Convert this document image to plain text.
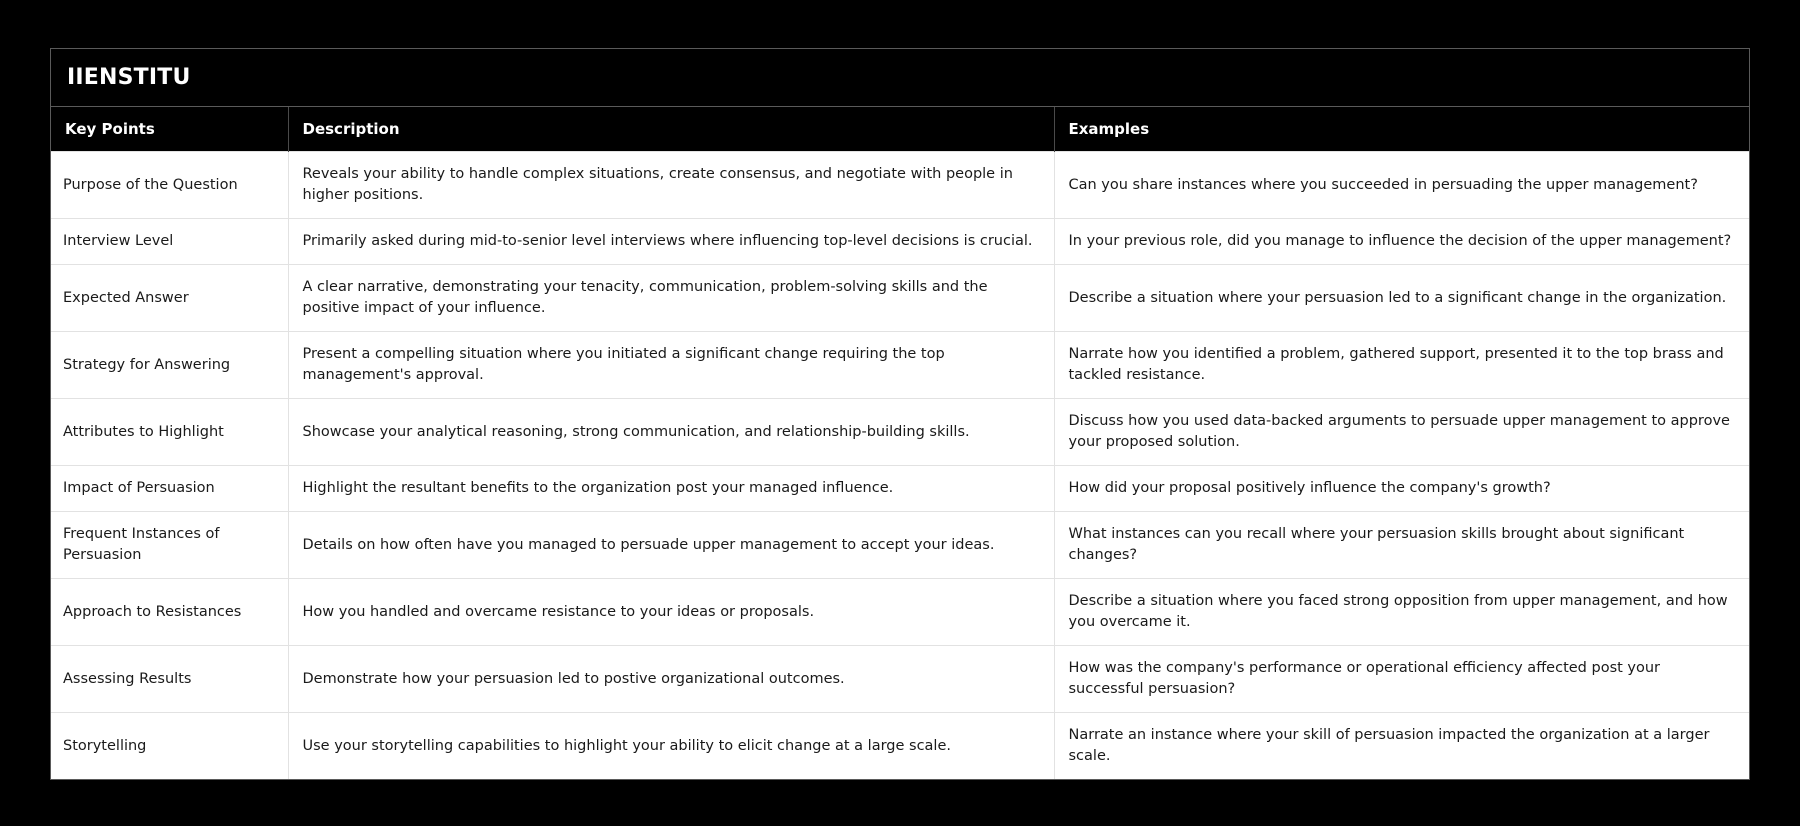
IIENSTITU		
Key Points	Description	Examples
Purpose of the Question	Reveals your ability to handle complex situations, create consensus, and negotiate with people in higher positions.	Can you share instances where you succeeded in persuading the upper management?
Interview Level	Primarily asked during mid-to-senior level interviews where influencing top-level decisions is crucial.	In your previous role, did you manage to influence the decision of the upper management?
Expected Answer	A clear narrative, demonstrating your tenacity, communication, problem-solving skills and the positive impact of your influence.	Describe a situation where your persuasion led to a significant change in the organization.
Strategy for Answering	Present a compelling situation where you initiated a significant change requiring the top management's approval.	Narrate how you identified a problem, gathered support, presented it to the top brass and tackled resistance.
Attributes to Highlight	Showcase your analytical reasoning, strong communication, and relationship-building skills.	Discuss how you used data-backed arguments to persuade upper management to approve your proposed solution.
Impact of Persuasion	Highlight the resultant benefits to the organization post your managed influence.	How did your proposal positively influence the company's growth?
Frequent Instances of Persuasion	Details on how often have you managed to persuade upper management to accept your ideas.	What instances can you recall where your persuasion skills brought about significant changes?
Approach to Resistances	How you handled and overcame resistance to your ideas or proposals.	Describe a situation where you faced strong opposition from upper management, and how you overcame it.
Assessing Results	Demonstrate how your persuasion led to postive organizational outcomes.	How was the company's performance or operational efficiency affected post your successful persuasion?
Storytelling	Use your storytelling capabilities to highlight your ability to elicit change at a large scale.	Narrate an instance where your skill of persuasion impacted the organization at a larger scale.
